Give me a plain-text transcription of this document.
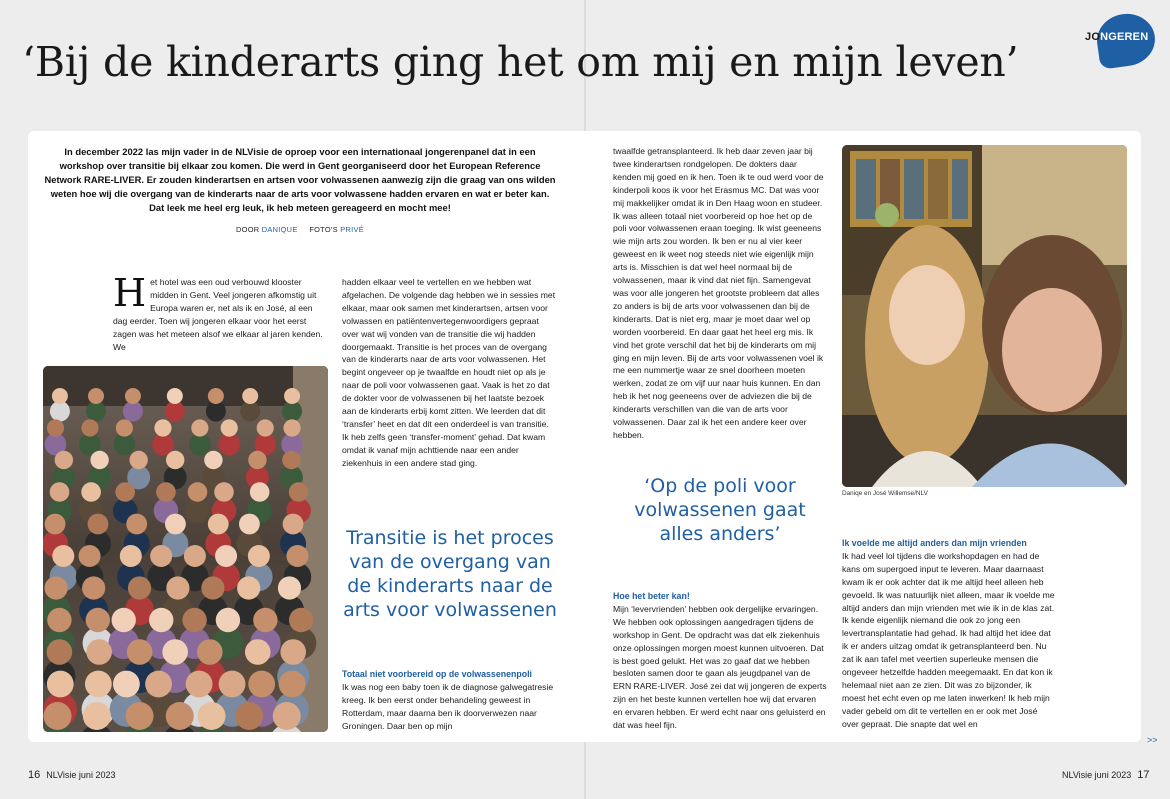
‘Bij de kinderarts ging het om mij en mijn leven’
JONGEREN

In december 2022 las mijn vader in de NLVisie de oproep voor een internationaal jongerenpanel dat in een workshop over transitie bij elkaar zou komen. Die werd in Gent georganiseerd door het European Reference Network RARE-LIVER. Er zouden kinderartsen en artsen voor volwassenen aanwezig zijn die graag van ons wilden weten hoe wij die overgang van de kinderarts naar de arts voor volwassene hadden ervaren en wat er beter kan. Dat leek me heel erg leuk, ik heb meteen gereageerd en mocht mee!

DOOR DANIQUE FOTO'S PRIVÉ
Het hotel was een oud verbouwd klooster midden in Gent. Veel jongeren afkomstig uit Europa waren er, net als ik en José, al een dag eerder. Toen wij jongeren elkaar voor het eerst zagen was het meteen alsof we elkaar al jaren kenden. We

hadden elkaar veel te vertellen en we hebben wat afgelachen. De volgende dag hebben we in sessies met elkaar, maar ook samen met kinderartsen, artsen voor volwassen en patiëntenvertegenwoordigers gepraat over wat wij vonden van de transitie die wij hadden doorgemaakt. Transitie is het proces van de overgang van de kinderarts naar de arts voor volwassenen. Het begint ongeveer op je twaalfde en houdt niet op als je naar de poli voor volwassenen gaat. Vaak is het zo dat de dokter voor de volwassenen bij het laatste bezoek aan de kinderarts erbij komt zitten. We leerden dat dit ‘transfer’ heet en dat dit een onderdeel is van transitie. Ik heb zelfs geen ‘transfer-moment’ gehad. Dat kwam omdat ik vanaf mijn achttiende naar een ander ziekenhuis in een andere stad ging.

Transitie is het proces van de overgang van de kinderarts naar de arts voor volwassenen

Totaal niet voorbereid op de volwassenenpoli

Ik was nog een baby toen ik de diagnose galwegatresie kreeg. Ik ben eerst onder behandeling geweest in Rotterdam, maar daarna ben ik doorverwezen naar Groningen. Daar ben op mijn

twaalfde getransplanteerd. Ik heb daar zeven jaar bij twee kinderartsen rondgelopen. De dokters daar kenden mij goed en ik hen. Toen ik te oud werd voor de kinderpoli koos ik voor het Erasmus MC. Dat was voor mij makkelijker omdat ik in Den Haag woon en studeer. Ik was alleen totaal niet voorbereid op hoe het op de poli voor volwassenen eraan toeging. Ik wist geeneens wie mijn arts zou worden. Ik ben er nu al vier keer geweest en ik weet nog steeds niet wie eigenlijk mijn arts is. Misschien is dat wel heel normaal bij de volwassenen, maar ik vind dat niet fijn. Samengevat was voor alle jongeren het grootste probleem dat alles zo anders is bij de arts voor volwassenen dan bij de kinderarts. Dat is niet erg, maar je moet daar wel op worden voorbereid. En daar gaat het heel erg mis. Ik vind het grote verschil dat het bij de kinderarts om mij ging en mijn leven. Bij de arts voor volwassenen voel ik me een nummertje waar ze snel doorheen moeten werken, zodat ze om vijf uur naar huis kunnen. En dan heb ik het nog geeneens over de adviezen die bij de kinderarts verschillen van die van de arts voor volwassenen. Daar zal ik het een andere keer over hebben.

‘Op de poli voor volwassenen gaat alles anders’

Hoe het beter kan!

Mijn ‘levervrienden’ hebben ook dergelijke ervaringen. We hebben ook oplossingen aangedragen tijdens de workshop in Gent. De opdracht was dat elk ziekenhuis onze oplossingen morgen moest kunnen uitvoeren. Dat is best goed gelukt. Het was zo gaaf dat we hebben besloten samen door te gaan als jeugdpanel van de ERN RARE-LIVER. José zei dat wij jongeren de experts zijn en het beste kunnen vertellen hoe wij dat ervaren en ervaren hebben. Er werd echt naar ons geluisterd en dat was heel fijn.

Daniqe en José Willemse/NLV

Ik voelde me altijd anders dan mijn vrienden

Ik had veel lol tijdens die workshopdagen en had de kans om supergoed input te leveren. Maar daarnaast kwam ik er ook achter dat ik me altijd heel alleen heb gevoeld. Ik was natuurlijk niet alleen, maar ik voelde me altijd anders dan mijn vrienden met wie ik in de klas zat. Ik kende eigenlijk niemand die ook zo jong een levertransplantatie had gehad. Ik had altijd het idee dat ik er anders uitzag omdat ik getransplanteerd ben. Nu zat ik aan tafel met veertien superleuke mensen die ongeveer hetzelfde hadden meegemaakt. En dat kon ik helemaal niet aan ze zien. Dit was zo bijzonder, ik moest het echt even op me laten inwerken! Ik heb mijn vader gebeld om dit te vertellen en er ook met José over gepraat. Die snapte dat wel en

>>
16 NLVisie juni 2023	NLVisie juni 2023 17
